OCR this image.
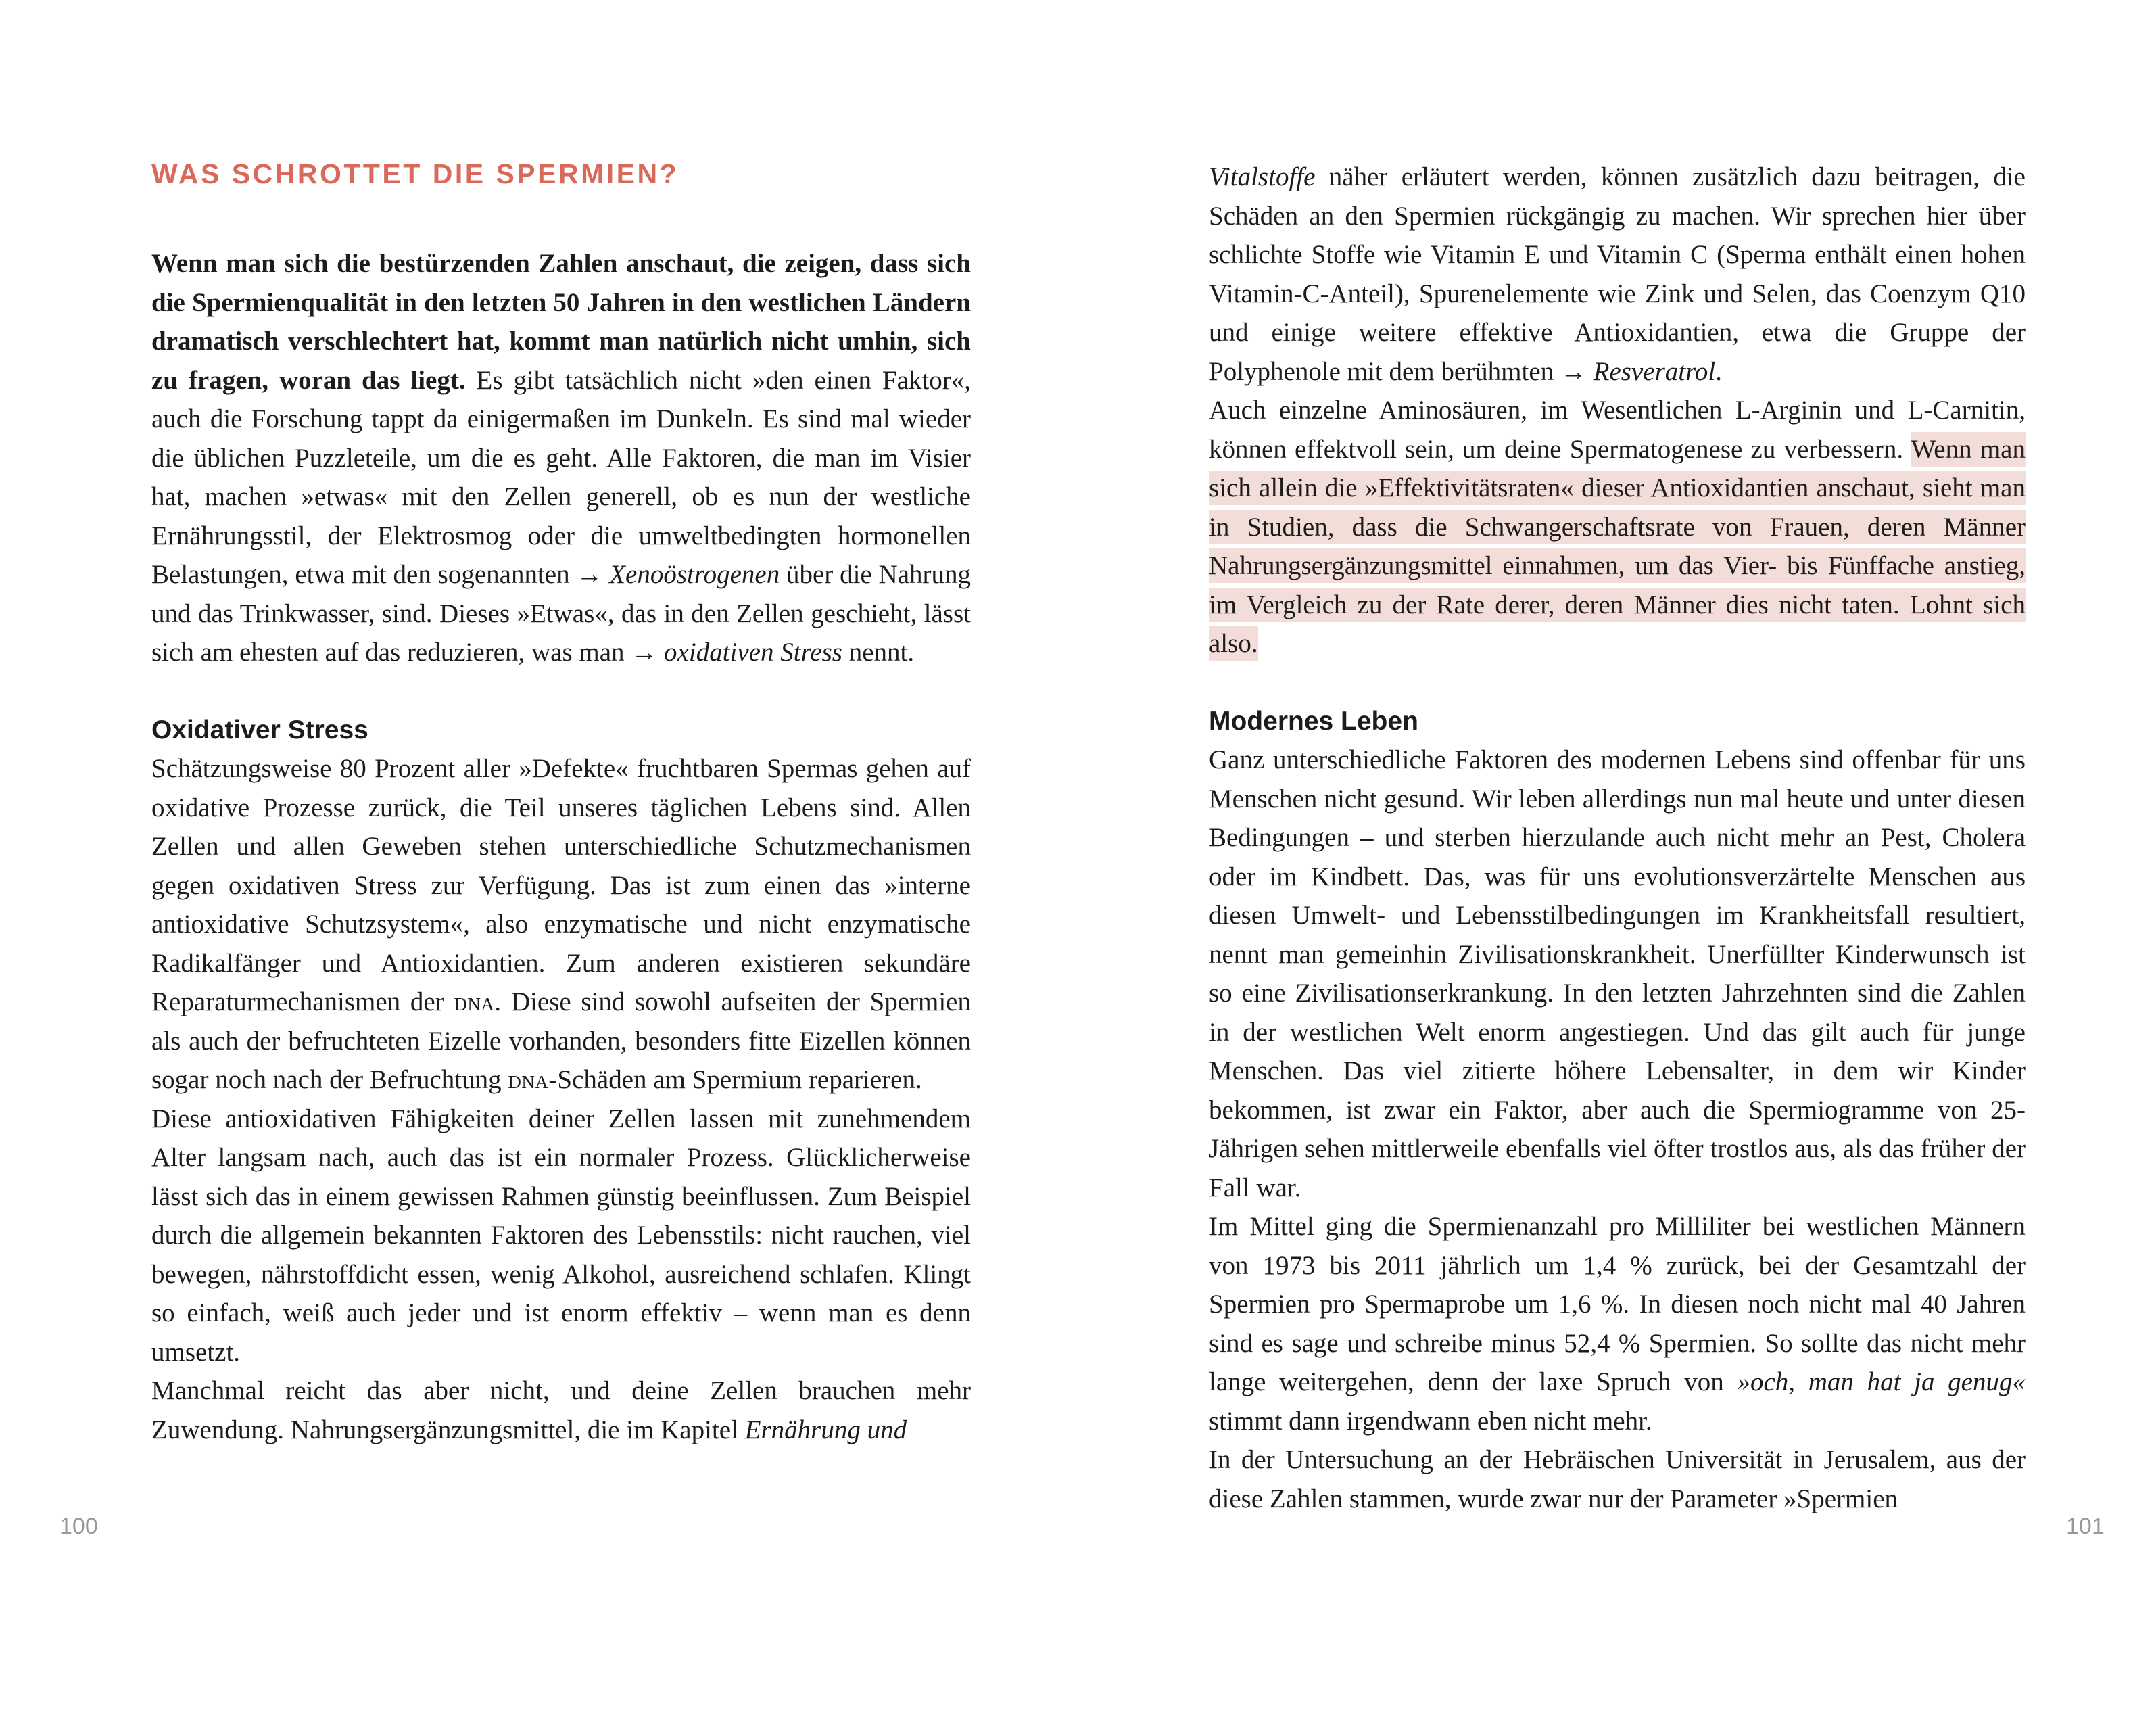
WAS SCHROTTET DIE SPERMIEN?

Wenn man sich die bestürzenden Zahlen anschaut, die zeigen, dass sich die Spermienqualität in den letzten 50 Jahren in den westlichen Ländern dramatisch verschlechtert hat, kommt man natürlich nicht umhin, sich zu fragen, woran das liegt. Es gibt tatsächlich nicht »den einen Faktor«, auch die Forschung tappt da einigermaßen im Dunkeln. Es sind mal wieder die üblichen Puzzleteile, um die es geht. Alle Faktoren, die man im Visier hat, machen »etwas« mit den Zellen generell, ob es nun der westliche Ernährungsstil, der Elektrosmog oder die umweltbedingten hormonellen Belastungen, etwa mit den sogenannten → Xenoöstrogenen über die Nahrung und das Trinkwasser, sind. Dieses »Etwas«, das in den Zellen geschieht, lässt sich am ehesten auf das reduzieren, was man → oxidativen Stress nennt.

Oxidativer Stress

Schätzungsweise 80 Prozent aller »Defekte« fruchtbaren Spermas gehen auf oxidative Prozesse zurück, die Teil unseres täglichen Lebens sind. Allen Zellen und allen Geweben stehen unterschiedliche Schutzmechanismen gegen oxidativen Stress zur Verfügung. Das ist zum einen das »interne antioxidative Schutzsystem«, also enzymatische und nicht enzymatische Radikalfänger und Antioxidantien. Zum anderen existieren sekundäre Reparaturmechanismen der DNA. Diese sind sowohl aufseiten der Spermien als auch der befruchteten Eizelle vorhanden, besonders fitte Eizellen können sogar noch nach der Befruchtung DNA-Schäden am Spermium reparieren.

Diese antioxidativen Fähigkeiten deiner Zellen lassen mit zunehmendem Alter langsam nach, auch das ist ein normaler Prozess. Glücklicherweise lässt sich das in einem gewissen Rahmen günstig beeinflussen. Zum Beispiel durch die allgemein bekannten Faktoren des Lebensstils: nicht rauchen, viel bewegen, nährstoffdicht essen, wenig Alkohol, ausreichend schlafen. Klingt so einfach, weiß auch jeder und ist enorm effektiv – wenn man es denn umsetzt.

Manchmal reicht das aber nicht, und deine Zellen brauchen mehr Zuwendung. Nahrungsergänzungsmittel, die im Kapitel Ernährung und

Vitalstoffe näher erläutert werden, können zusätzlich dazu beitragen, die Schäden an den Spermien rückgängig zu machen. Wir sprechen hier über schlichte Stoffe wie Vitamin E und Vitamin C (Sperma enthält einen hohen Vitamin-C-Anteil), Spurenelemente wie Zink und Selen, das Coenzym Q10 und einige weitere effektive Antioxidantien, etwa die Gruppe der Polyphenole mit dem berühmten → Resveratrol.

Auch einzelne Aminosäuren, im Wesentlichen L-Arginin und L-Carnitin, können effektvoll sein, um deine Spermatogenese zu verbessern. Wenn man sich allein die »Effektivitätsraten« dieser Antioxidantien anschaut, sieht man in Studien, dass die Schwangerschaftsrate von Frauen, deren Männer Nahrungsergänzungsmittel einnahmen, um das Vier- bis Fünffache anstieg, im Vergleich zu der Rate derer, deren Männer dies nicht taten. Lohnt sich also.

Modernes Leben

Ganz unterschiedliche Faktoren des modernen Lebens sind offenbar für uns Menschen nicht gesund. Wir leben allerdings nun mal heute und unter diesen Bedingungen – und sterben hierzulande auch nicht mehr an Pest, Cholera oder im Kindbett. Das, was für uns evolutionsverzärtelte Menschen aus diesen Umwelt- und Lebensstilbedingungen im Krankheitsfall resultiert, nennt man gemeinhin Zivilisationskrankheit. Unerfüllter Kinderwunsch ist so eine Zivilisationserkrankung. In den letzten Jahrzehnten sind die Zahlen in der westlichen Welt enorm angestiegen. Und das gilt auch für junge Menschen. Das viel zitierte höhere Lebensalter, in dem wir Kinder bekommen, ist zwar ein Faktor, aber auch die Spermiogramme von 25-Jährigen sehen mittlerweile ebenfalls viel öfter trostlos aus, als das früher der Fall war.

Im Mittel ging die Spermienanzahl pro Milliliter bei westlichen Männern von 1973 bis 2011 jährlich um 1,4 % zurück, bei der Gesamtzahl der Spermien pro Spermaprobe um 1,6 %. In diesen noch nicht mal 40 Jahren sind es sage und schreibe minus 52,4 % Spermien. So sollte das nicht mehr lange weitergehen, denn der laxe Spruch von »och, man hat ja genug« stimmt dann irgendwann eben nicht mehr.

In der Untersuchung an der Hebräischen Universität in Jerusalem, aus der diese Zahlen stammen, wurde zwar nur der Parameter »Spermien

100	101
